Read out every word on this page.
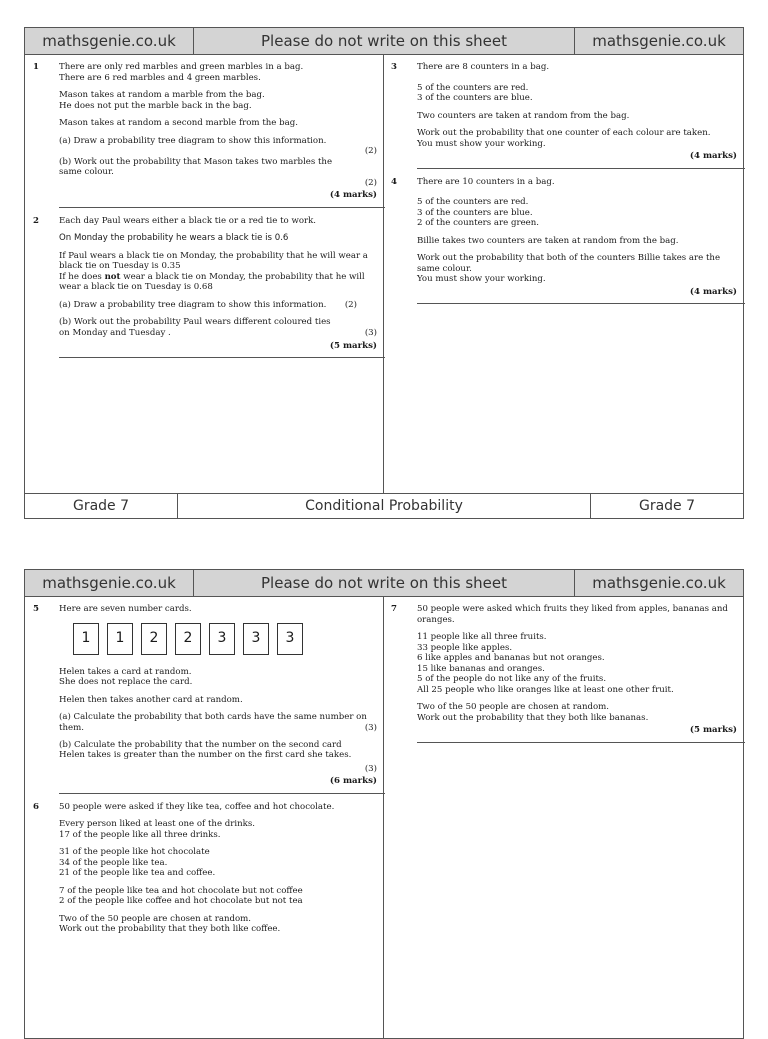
mathsgenie.co.uk	Please do not write on this sheet	mathsgenie.co.uk
1 There are only red marbles and green marbles in a bag.
There are 6 red marbles and 4 green marbles.

Mason takes at random a marble from the bag.
He does not put the marble back in the bag.

Mason takes at random a second marble from the bag.

(a) Draw a probability tree diagram to show this information.

(2)

(b) Work out the probability that Mason takes two marbles the same colour.

(2)
(4 marks)
2 Each day Paul wears either a black tie or a red tie to work.

On Monday the probability he wears a black tie is 0.6

If Paul wears a black tie on Monday, the probability that he will wear a black tie on Tuesday is 0.35

If he does not wear a black tie on Monday, the probability that he will wear a black tie on Tuesday is 0.68

(a) Draw a probability tree diagram to show this information. (2)

(b) Work out the probability Paul wears different coloured ties on Monday and Tuesday .	(3)
(5 marks)
3 There are 8 counters in a bag.

5 of the counters are red.
3 of the counters are blue.

Two counters are taken at random from the bag.

Work out the probability that one counter of each colour are taken.
You must show your working.

(4 marks)
4 There are 10 counters in a bag.

5 of the counters are red.
3 of the counters are blue.
2 of the counters are green.

Billie takes two counters are taken at random from the bag.

Work out the probability that both of the counters Billie takes are the same colour.
You must show your working.

(4 marks)
Grade 7	Conditional Probability	Grade 7
mathsgenie.co.uk	Please do not write on this sheet	mathsgenie.co.uk
5 Here are seven number cards.

1	1	2	2	3	3	3

Helen takes a card at random.
She does not replace the card.

Helen then takes another card at random.

(a) Calculate the probability that both cards have the same number on them.	(3)

(b) Calculate the probability that the number on the second card Helen takes is greater than the number on the first card she takes.

(3)
(6 marks)
6 50 people were asked if they like tea, coffee and hot chocolate.

Every person liked at least one of the drinks.
17 of the people like all three drinks.

31 of the people like hot chocolate
34 of the people like tea.
21 of the people like tea and coffee.

7 of the people like tea and hot chocolate but not coffee
2 of the people like coffee and hot chocolate but not tea

Two of the 50 people are chosen at random.
Work out the probability that they both like coffee.

7 50 people were asked which fruits they liked from apples, bananas and oranges.

11 people like all three fruits.
33 people like apples.
6 like apples and bananas but not oranges.
15 like bananas and oranges.
5 of the people do not like any of the fruits.
All 25 people who like oranges like at least one other fruit.

Two of the 50 people are chosen at random.
Work out the probability that they both like bananas.

(5 marks)
